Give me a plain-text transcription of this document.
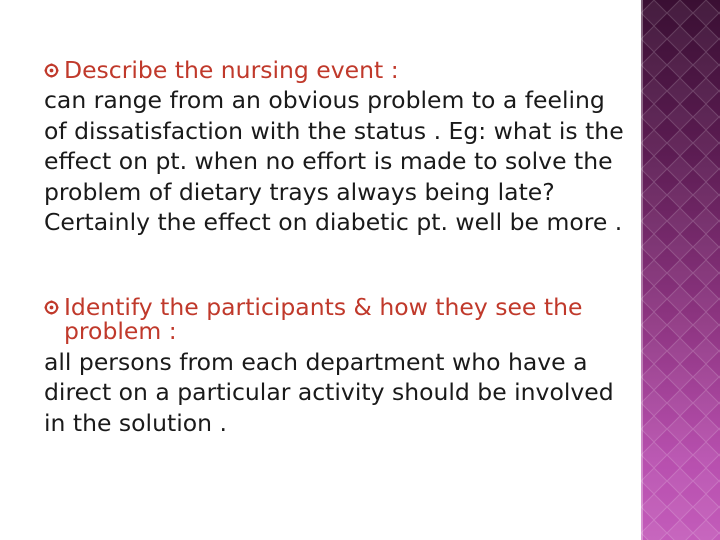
Describe the nursing event :

can range from an obvious problem to a feeling of dissatisfaction with the status . Eg: what is the effect on pt. when no effort is made to solve the problem of dietary trays always being late? Certainly the effect on diabetic pt. well be more .

Identify the participants & how they see the problem :

all persons from each department who have a direct on a particular activity should be involved in the solution .
